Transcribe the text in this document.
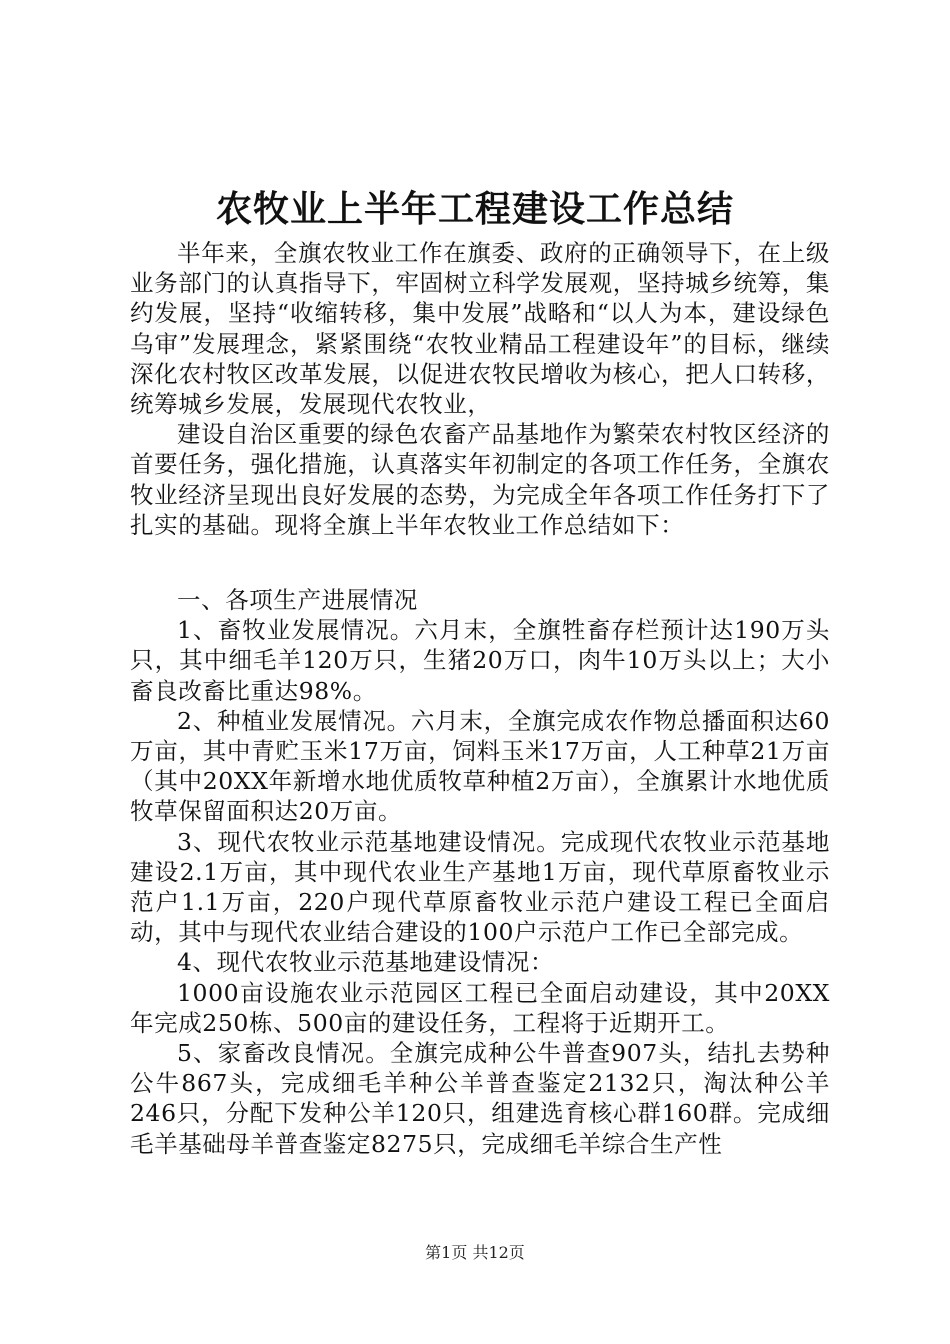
农牧业上半年工程建设工作总结

半年来，全旗农牧业工作在旗委、政府的正确领导下，在上级业务部门的认真指导下，牢固树立科学发展观，坚持城乡统筹，集约发展，坚持“收缩转移，集中发展”战略和“以人为本，建设绿色乌审”发展理念，紧紧围绕“农牧业精品工程建设年”的目标，继续深化农村牧区改革发展，以促进农牧民增收为核心，把人口转移，统筹城乡发展，发展现代农牧业，

建设自治区重要的绿色农畜产品基地作为繁荣农村牧区经济的首要任务，强化措施，认真落实年初制定的各项工作任务，全旗农牧业经济呈现出良好发展的态势，为完成全年各项工作任务打下了扎实的基础。现将全旗上半年农牧业工作总结如下：

一、各项生产进展情况

1、畜牧业发展情况。六月末，全旗牲畜存栏预计达190万头只，其中细毛羊120万只，生猪20万口，肉牛10万头以上；大小畜良改畜比重达98%。

2、种植业发展情况。六月末，全旗完成农作物总播面积达60万亩，其中青贮玉米17万亩，饲料玉米17万亩，人工种草21万亩（其中20XX年新增水地优质牧草种植2万亩），全旗累计水地优质牧草保留面积达20万亩。

3、现代农牧业示范基地建设情况。完成现代农牧业示范基地建设2.1万亩，其中现代农业生产基地1万亩，现代草原畜牧业示范户1.1万亩，220户现代草原畜牧业示范户建设工程已全面启动，其中与现代农业结合建设的100户示范户工作已全部完成。

4、现代农牧业示范基地建设情况：

1000亩设施农业示范园区工程已全面启动建设，其中20XX年完成250栋、500亩的建设任务，工程将于近期开工。

5、家畜改良情况。全旗完成种公牛普查907头，结扎去势种公牛867头，完成细毛羊种公羊普查鉴定2132只，淘汰种公羊246只，分配下发种公羊120只，组建选育核心群160群。完成细毛羊基础母羊普查鉴定8275只，完成细毛羊综合生产性

第1页 共12页
